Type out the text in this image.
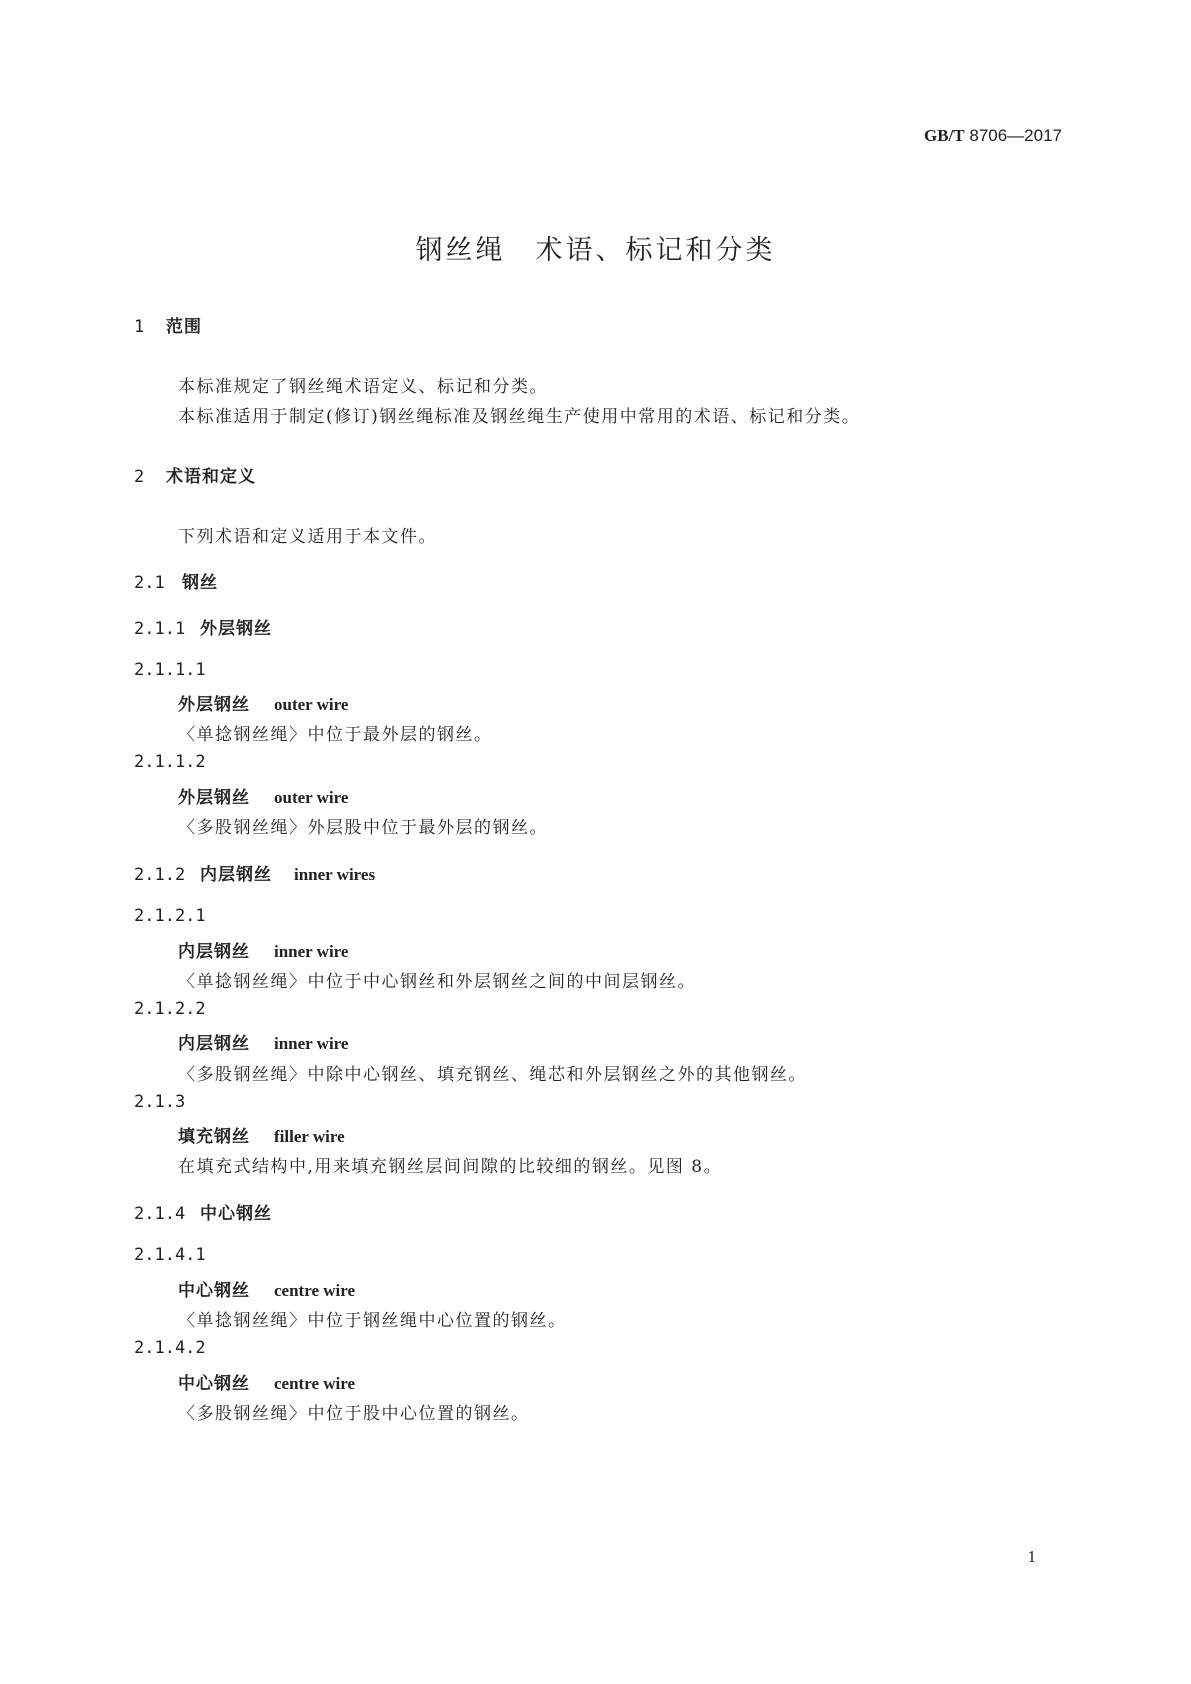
GB/T 8706—2017
钢丝绳 术语、标记和分类
1 范围
本标准规定了钢丝绳术语定义、标记和分类。
本标准适用于制定(修订)钢丝绳标准及钢丝绳生产使用中常用的术语、标记和分类。
2 术语和定义
下列术语和定义适用于本文件。
2.1 钢丝
2.1.1 外层钢丝
2.1.1.1
外层钢丝 outer wire
〈单捻钢丝绳〉中位于最外层的钢丝。
2.1.1.2
外层钢丝 outer wire
〈多股钢丝绳〉外层股中位于最外层的钢丝。
2.1.2 内层钢丝 inner wires
2.1.2.1
内层钢丝 inner wire
〈单捻钢丝绳〉中位于中心钢丝和外层钢丝之间的中间层钢丝。
2.1.2.2
内层钢丝 inner wire
〈多股钢丝绳〉中除中心钢丝、填充钢丝、绳芯和外层钢丝之外的其他钢丝。
2.1.3
填充钢丝 filler wire
在填充式结构中,用来填充钢丝层间间隙的比较细的钢丝。见图 8。
2.1.4 中心钢丝
2.1.4.1
中心钢丝 centre wire
〈单捻钢丝绳〉中位于钢丝绳中心位置的钢丝。
2.1.4.2
中心钢丝 centre wire
〈多股钢丝绳〉中位于股中心位置的钢丝。
1
